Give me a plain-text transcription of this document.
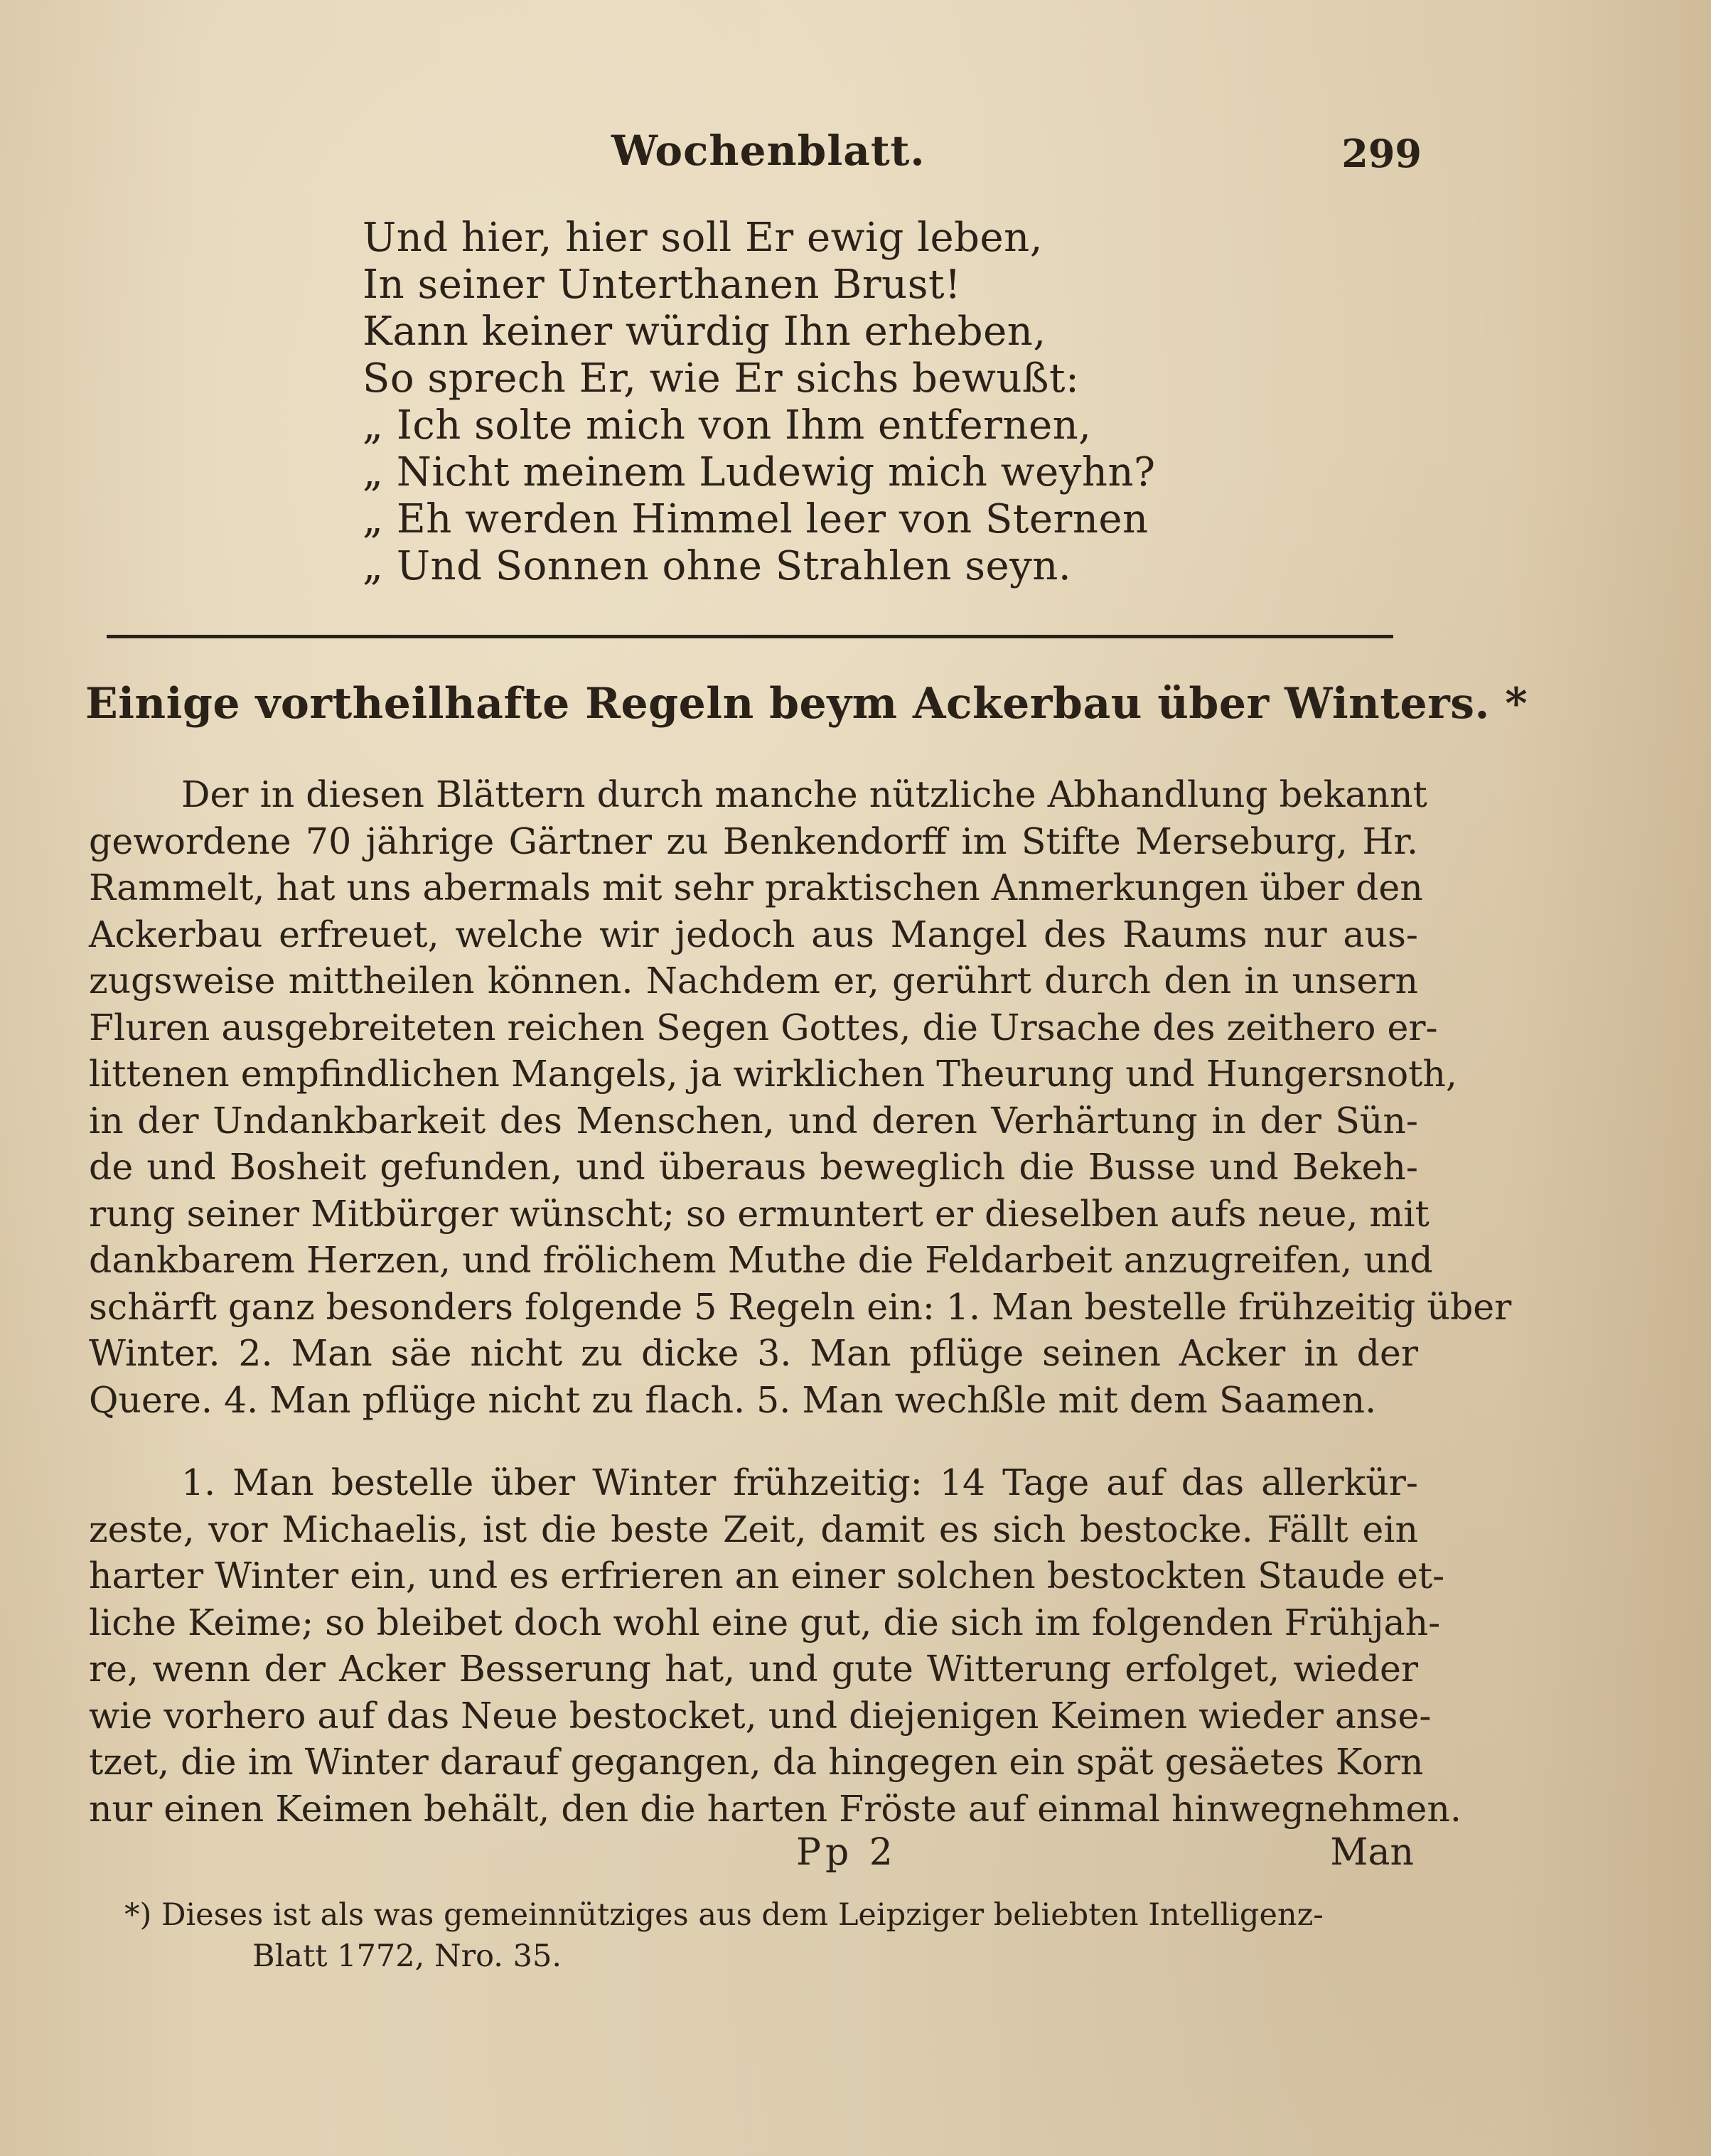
Wochenblatt.	299
Und hier, hier soll Er ewig leben,
In seiner Unterthanen Brust!
Kann keiner würdig Ihn erheben,
So sprech Er, wie Er sichs bewußt:
„ Ich solte mich von Ihm entfernen,
„ Nicht meinem Ludewig mich weyhn?
„ Eh werden Himmel leer von Sternen
„ Und Sonnen ohne Strahlen seyn.
Einige vortheilhafte Regeln beym Ackerbau über Winters. *
Der in diesen Blättern durch manche nützliche Abhandlung bekannt
gewordene 70 jährige Gärtner zu Benkendorff im Stifte Merseburg, Hr.
Rammelt, hat uns abermals mit sehr praktischen Anmerkungen über den
Ackerbau erfreuet, welche wir jedoch aus Mangel des Raums nur aus-
zugsweise mittheilen können. Nachdem er, gerührt durch den in unsern
Fluren ausgebreiteten reichen Segen Gottes, die Ursache des zeithero er-
littenen empfindlichen Mangels, ja wirklichen Theurung und Hungersnoth,
in der Undankbarkeit des Menschen, und deren Verhärtung in der Sün-
de und Bosheit gefunden, und überaus beweglich die Busse und Bekeh-
rung seiner Mitbürger wünscht; so ermuntert er dieselben aufs neue, mit
dankbarem Herzen, und frölichem Muthe die Feldarbeit anzugreifen, und
schärft ganz besonders folgende 5 Regeln ein: 1. Man bestelle frühzeitig über
Winter. 2. Man säe nicht zu dicke 3. Man pflüge seinen Acker in der
Quere. 4. Man pflüge nicht zu flach. 5. Man wechßle mit dem Saamen.
1. Man bestelle über Winter frühzeitig: 14 Tage auf das allerkür-
zeste, vor Michaelis, ist die beste Zeit, damit es sich bestocke. Fällt ein
harter Winter ein, und es erfrieren an einer solchen bestockten Staude et-
liche Keime; so bleibet doch wohl eine gut, die sich im folgenden Frühjah-
re, wenn der Acker Besserung hat, und gute Witterung erfolget, wieder
wie vorhero auf das Neue bestocket, und diejenigen Keimen wieder anse-
tzet, die im Winter darauf gegangen, da hingegen ein spät gesäetes Korn
nur einen Keimen behält, den die harten Fröste auf einmal hinwegnehmen.
Pp 2	Man
*) Dieses ist als was gemeinnütziges aus dem Leipziger beliebten Intelligenz-
Blatt 1772, Nro. 35.
